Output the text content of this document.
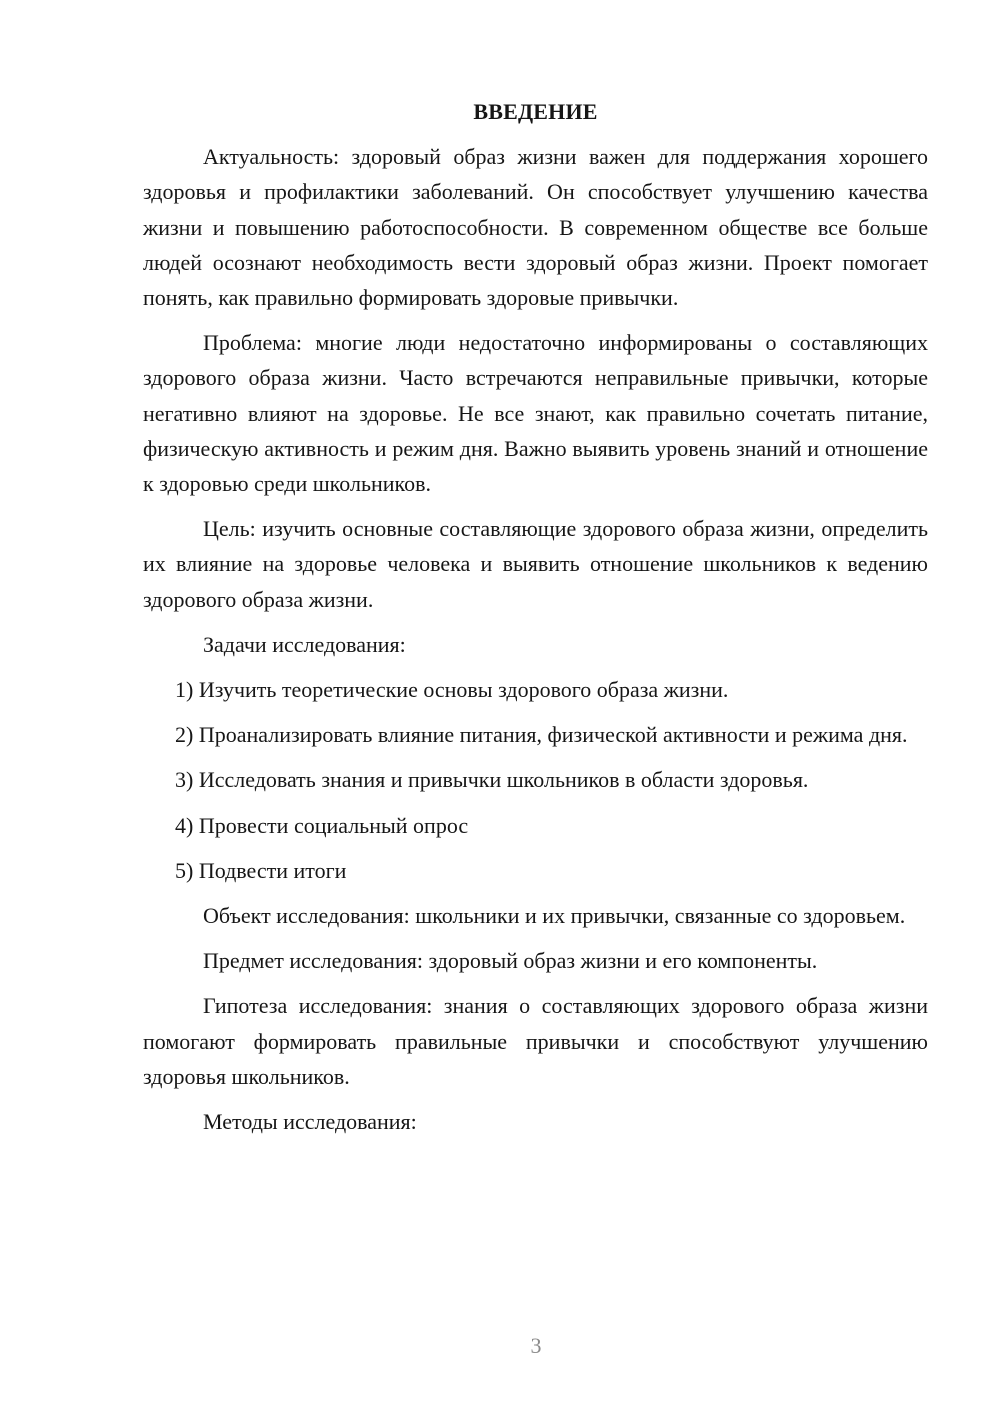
ВВЕДЕНИЕ

Актуальность: здоровый образ жизни важен для поддержания хорошего здоровья и профилактики заболеваний. Он способствует улучшению качества жизни и повышению работоспособности. В современном обществе все больше людей осознают необходимость вести здоровый образ жизни. Проект помогает понять, как правильно формировать здоровые привычки.

Проблема: многие люди недостаточно информированы о составляющих здорового образа жизни. Часто встречаются неправильные привычки, которые негативно влияют на здоровье. Не все знают, как правильно сочетать питание, физическую активность и режим дня. Важно выявить уровень знаний и отношение к здоровью среди школьников.

Цель: изучить основные составляющие здорового образа жизни, определить их влияние на здоровье человека и выявить отношение школьников к ведению здорового образа жизни.

Задачи исследования:

1) Изучить теоретические основы здорового образа жизни.

2) Проанализировать влияние питания, физической активности и режима дня.

3) Исследовать знания и привычки школьников в области здоровья.

4) Провести социальный опрос

5) Подвести итоги

Объект исследования: школьники и их привычки, связанные со здоровьем.

Предмет исследования: здоровый образ жизни и его компоненты.

Гипотеза исследования: знания о составляющих здорового образа жизни помогают формировать правильные привычки и способствуют улучшению здоровья школьников.

Методы исследования:

3
